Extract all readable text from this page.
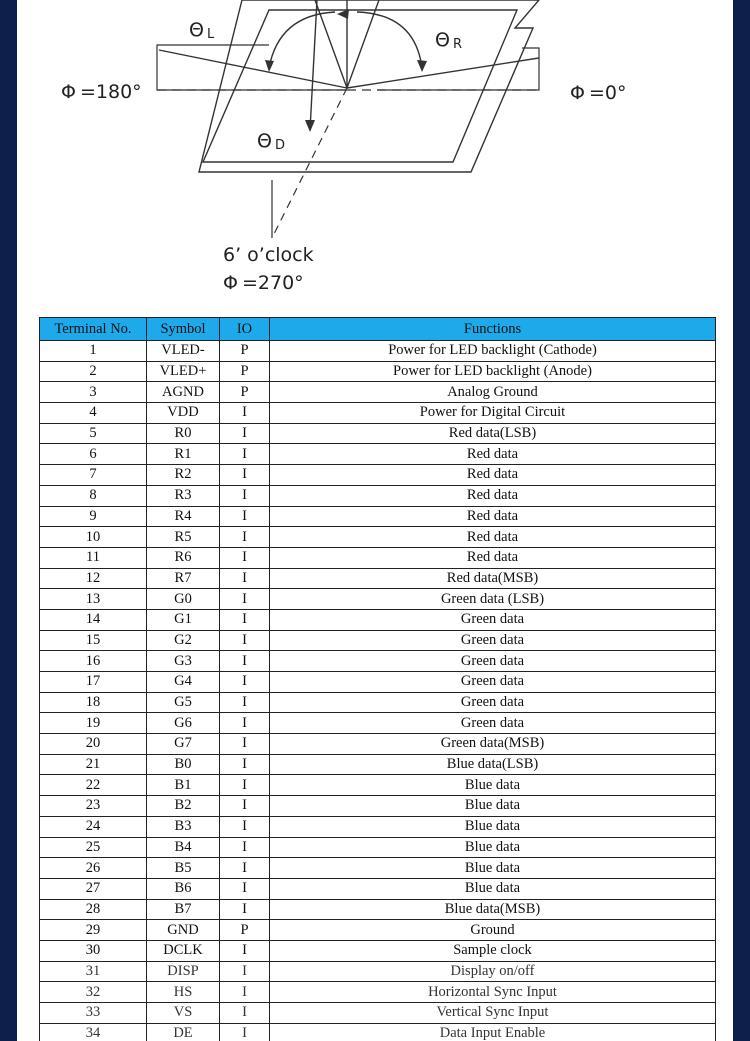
Θ L	Θ R
Θ D
Φ =180°	Φ =0°
6’ o’clock
Φ =270°
Terminal No.	Symbol	IO	Functions
1	VLED-	P	Power for LED backlight (Cathode)
2	VLED+	P	Power for LED backlight (Anode)
3	AGND	P	Analog Ground
4	VDD	I	Power for Digital Circuit
5	R0	I	Red data(LSB)
6	R1	I	Red data
7	R2	I	Red data
8	R3	I	Red data
9	R4	I	Red data
10	R5	I	Red data
11	R6	I	Red data
12	R7	I	Red data(MSB)
13	G0	I	Green data (LSB)
14	G1	I	Green data
15	G2	I	Green data
16	G3	I	Green data
17	G4	I	Green data
18	G5	I	Green data
19	G6	I	Green data
20	G7	I	Green data(MSB)
21	B0	I	Blue data(LSB)
22	B1	I	Blue data
23	B2	I	Blue data
24	B3	I	Blue data
25	B4	I	Blue data
26	B5	I	Blue data
27	B6	I	Blue data
28	B7	I	Blue data(MSB)
29	GND	P	Ground
30	DCLK	I	Sample clock
31	DISP	I	Display on/off
32	HS	I	Horizontal Sync Input
33	VS	I	Vertical Sync Input
34	DE	I	Data Input Enable
